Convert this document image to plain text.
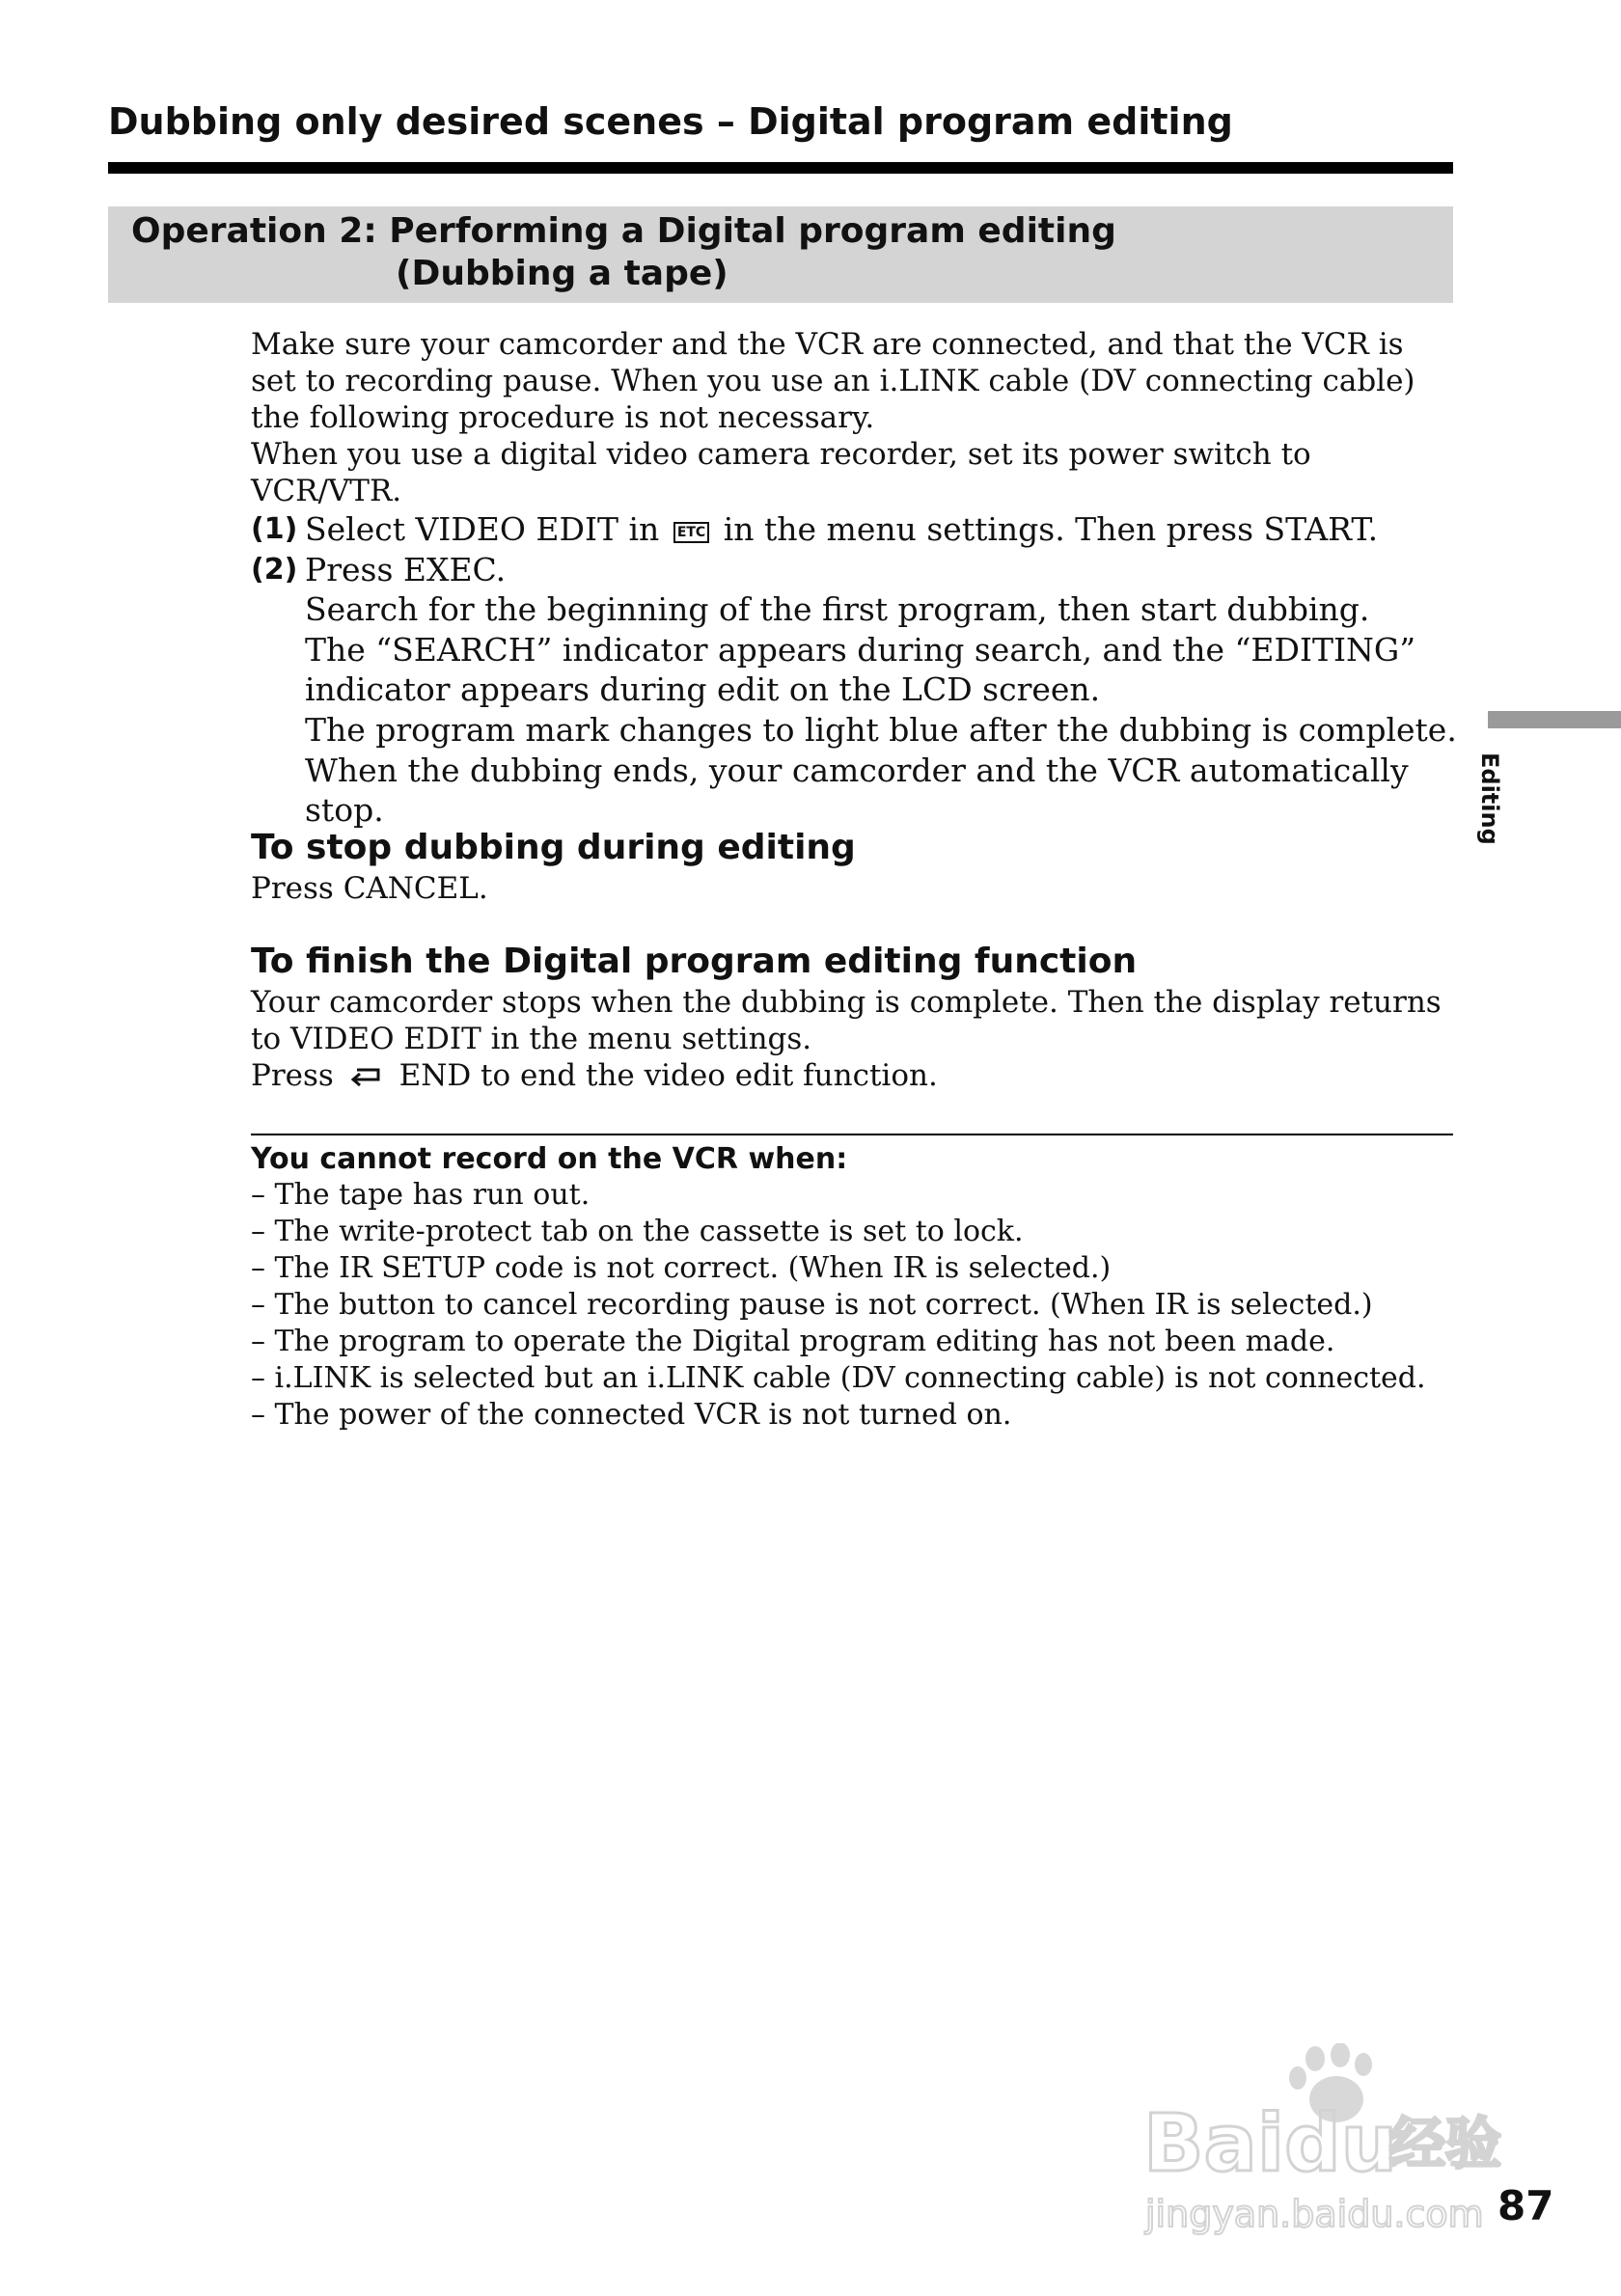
Dubbing only desired scenes – Digital program editing
Operation 2: Performing a Digital program editing
(Dubbing a tape)
Make sure your camcorder and the VCR are connected, and that the VCR is set to recording pause. When you use an i.LINK cable (DV connecting cable) the following procedure is not necessary.
When you use a digital video camera recorder, set its power switch to VCR/VTR.
(1) Select VIDEO EDIT in ETC in the menu settings. Then press START.
(2) Press EXEC.
Search for the beginning of the first program, then start dubbing.
The “SEARCH” indicator appears during search, and the “EDITING” indicator appears during edit on the LCD screen.
The program mark changes to light blue after the dubbing is complete.
When the dubbing ends, your camcorder and the VCR automatically stop.
To stop dubbing during editing
Press CANCEL.
To finish the Digital program editing function
Your camcorder stops when the dubbing is complete. Then the display returns to VIDEO EDIT in the menu settings.
Press END to end the video edit function.
You cannot record on the VCR when:
– The tape has run out.
– The write-protect tab on the cassette is set to lock.
– The IR SETUP code is not correct. (When IR is selected.)
– The button to cancel recording pause is not correct. (When IR is selected.)
– The program to operate the Digital program editing has not been made.
– i.LINK is selected but an i.LINK cable (DV connecting cable) is not connected.
– The power of the connected VCR is not turned on.
Editing
Baidu
经验
jingyan.baidu.com 87
